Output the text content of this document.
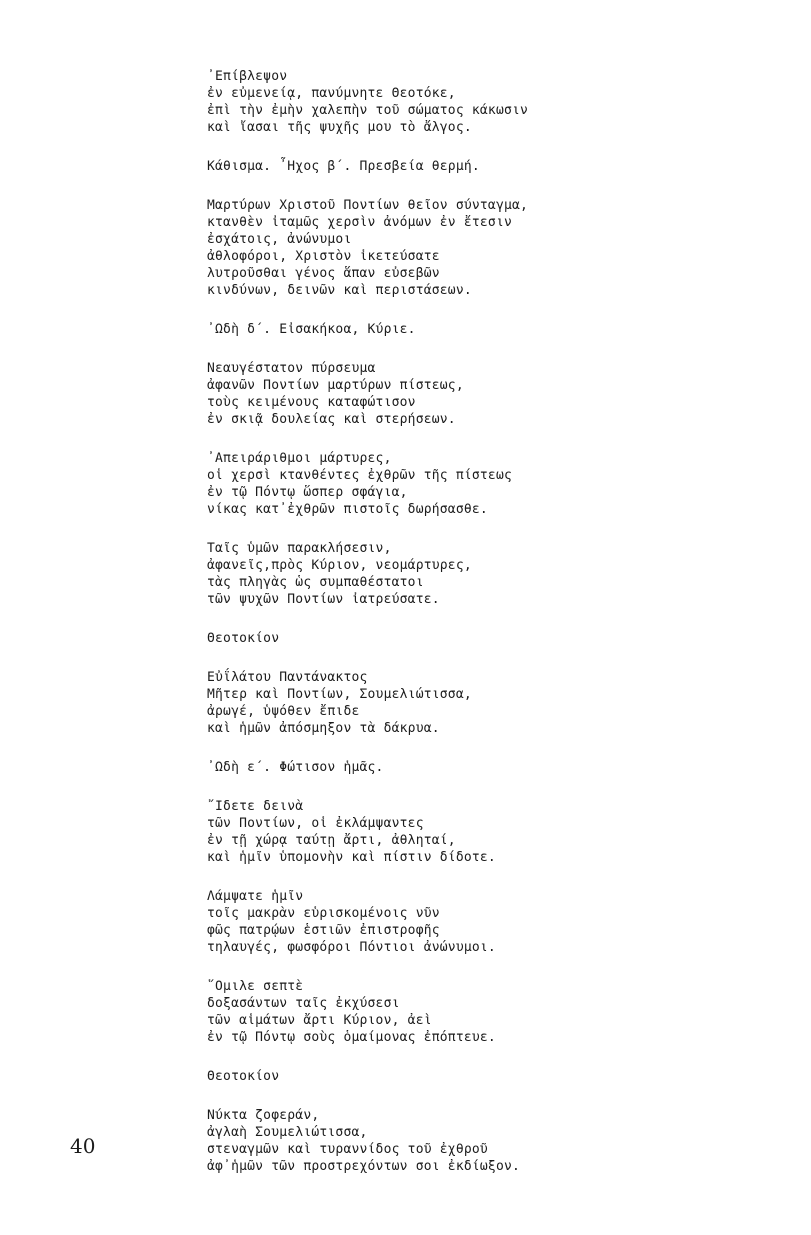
᾿Επίβλεψον
ἐν εὐμενείᾳ, πανύμνητε Θεοτόκε,
ἐπὶ τὴν ἐμὴν χαλεπὴν τοῦ σώματος κάκωσιν
καὶ ἴασαι τῆς ψυχῆς μου τὸ ἄλγος.
Κάθισμα. ῏Ηχος β΄. Πρεσβεία θερμή.
Μαρτύρων Χριστοῦ Ποντίων θεῖον σύνταγμα,
κτανθὲν ἰταμῶς χερσὶν ἀνόμων ἐν ἔτεσιν
ἐσχάτοις, ἀνώνυμοι
ἀθλοφόροι, Χριστὸν ἱκετεύσατε
λυτροῦσθαι γένος ἅπαν εὐσεβῶν
κινδύνων, δεινῶν καὶ περιστάσεων.
᾿Ωδὴ δ΄. Εἰσακήκοα, Κύριε.
Νεαυγέστατον πύρσευμα
ἀφανῶν Ποντίων μαρτύρων πίστεως,
τοὺς κειμένους καταφώτισον
ἐν σκιᾷ δουλείας καὶ στερήσεων.
᾿Απειράριθμοι μάρτυρες,
οἱ χερσὶ κτανθέντες ἐχθρῶν τῆς πίστεως
ἐν τῷ Πόντῳ ὥσπερ σφάγια,
νίκας κατ᾿ἐχθρῶν πιστοῖς δωρήσασθε.
Ταῖς ὑμῶν παρακλήσεσιν,
ἀφανεῖς,πρὸς Κύριον, νεομάρτυρες,
τὰς πληγὰς ὡς συμπαθέστατοι
τῶν ψυχῶν Ποντίων ἰατρεύσατε.
Θεοτοκίον
Εὐΐλάτου Παντάνακτος
Μῆτερ καὶ Ποντίων, Σουμελιώτισσα,
ἀρωγέ, ὑψόθεν ἔπιδε
καὶ ἡμῶν ἀπόσμηξον τὰ δάκρυα.
᾿Ωδὴ ε΄. Φώτισον ἡμᾶς.
῎Ιδετε δεινὰ
τῶν Ποντίων, οἱ ἐκλάμψαντες
ἐν τῇ χώρᾳ ταύτῃ ἄρτι, ἀθληταί,
καὶ ἡμῖν ὑπομονὴν καὶ πίστιν δίδοτε.
Λάμψατε ἡμῖν
τοῖς μακρὰν εὑρισκομένοις νῦν
φῶς πατρῴων ἑστιῶν ἐπιστροφῆς
τηλαυγές, φωσφόροι Πόντιοι ἀνώνυμοι.
῞Ομιλε σεπτὲ
δοξασάντων ταῖς ἐκχύσεσι
τῶν αἱμάτων ἄρτι Κύριον, ἀεὶ
ἐν τῷ Πόντῳ σοὺς ὁμαίμονας ἐπόπτευε.
Θεοτοκίον
Νύκτα ζοφεράν,
ἀγλαὴ Σουμελιώτισσα,
στεναγμῶν καὶ τυραννίδος τοῦ ἐχθροῦ
ἀφ᾿ἡμῶν τῶν προστρεχόντων σοι ἐκδίωξον.
40
